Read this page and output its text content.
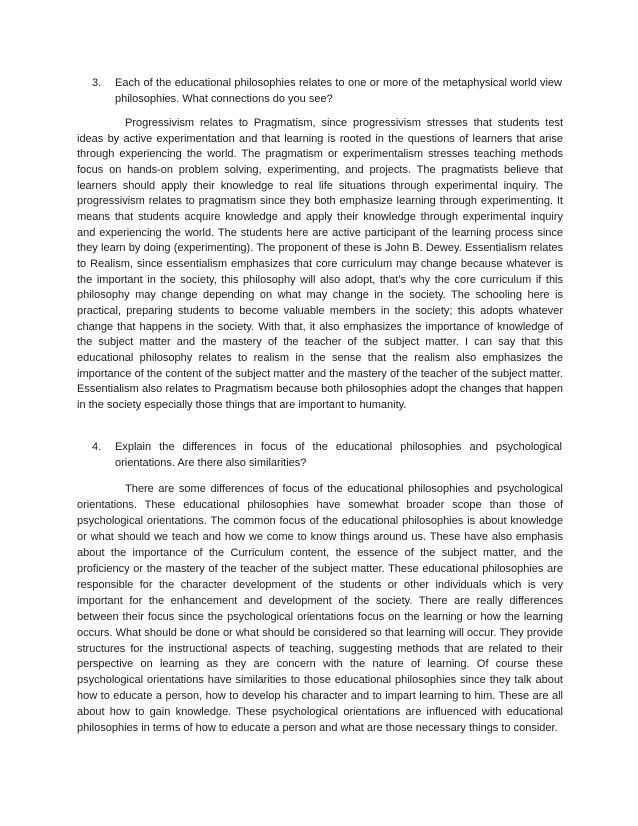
3. Each of the educational philosophies relates to one or more of the metaphysical world view philosophies. What connections do you see?

Progressivism relates to Pragmatism, since progressivism stresses that students test ideas by active experimentation and that learning is rooted in the questions of learners that arise through experiencing the world. The pragmatism or experimentalism stresses teaching methods focus on hands-on problem solving, experimenting, and projects. The pragmatists believe that learners should apply their knowledge to real life situations through experimental inquiry. The progressivism relates to pragmatism since they both emphasize learning through experimenting. It means that students acquire knowledge and apply their knowledge through experimental inquiry and experiencing the world. The students here are active participant of the learning process since they learn by doing (experimenting). The proponent of these is John B. Dewey. Essentialism relates to Realism, since essentialism emphasizes that core curriculum may change because whatever is the important in the society, this philosophy will also adopt, that’s why the core curriculum if this philosophy may change depending on what may change in the society. The schooling here is practical, preparing students to become valuable members in the society; this adopts whatever change that happens in the society. With that, it also emphasizes the importance of knowledge of the subject matter and the mastery of the teacher of the subject matter. I can say that this educational philosophy relates to realism in the sense that the realism also emphasizes the importance of the content of the subject matter and the mastery of the teacher of the subject matter. Essentialism also relates to Pragmatism because both philosophies adopt the changes that happen in the society especially those things that are important to humanity.

4. Explain the differences in focus of the educational philosophies and psychological orientations. Are there also similarities?

There are some differences of focus of the educational philosophies and psychological orientations. These educational philosophies have somewhat broader scope than those of psychological orientations. The common focus of the educational philosophies is about knowledge or what should we teach and how we come to know things around us. These have also emphasis about the importance of the Curriculum content, the essence of the subject matter, and the proficiency or the mastery of the teacher of the subject matter. These educational philosophies are responsible for the character development of the students or other individuals which is very important for the enhancement and development of the society. There are really differences between their focus since the psychological orientations focus on the learning or how the learning occurs. What should be done or what should be considered so that learning will occur. They provide structures for the instructional aspects of teaching, suggesting methods that are related to their perspective on learning as they are concern with the nature of learning. Of course these psychological orientations have similarities to those educational philosophies since they talk about how to educate a person, how to develop his character and to impart learning to him. These are all about how to gain knowledge. These psychological orientations are influenced with educational philosophies in terms of how to educate a person and what are those necessary things to consider.
